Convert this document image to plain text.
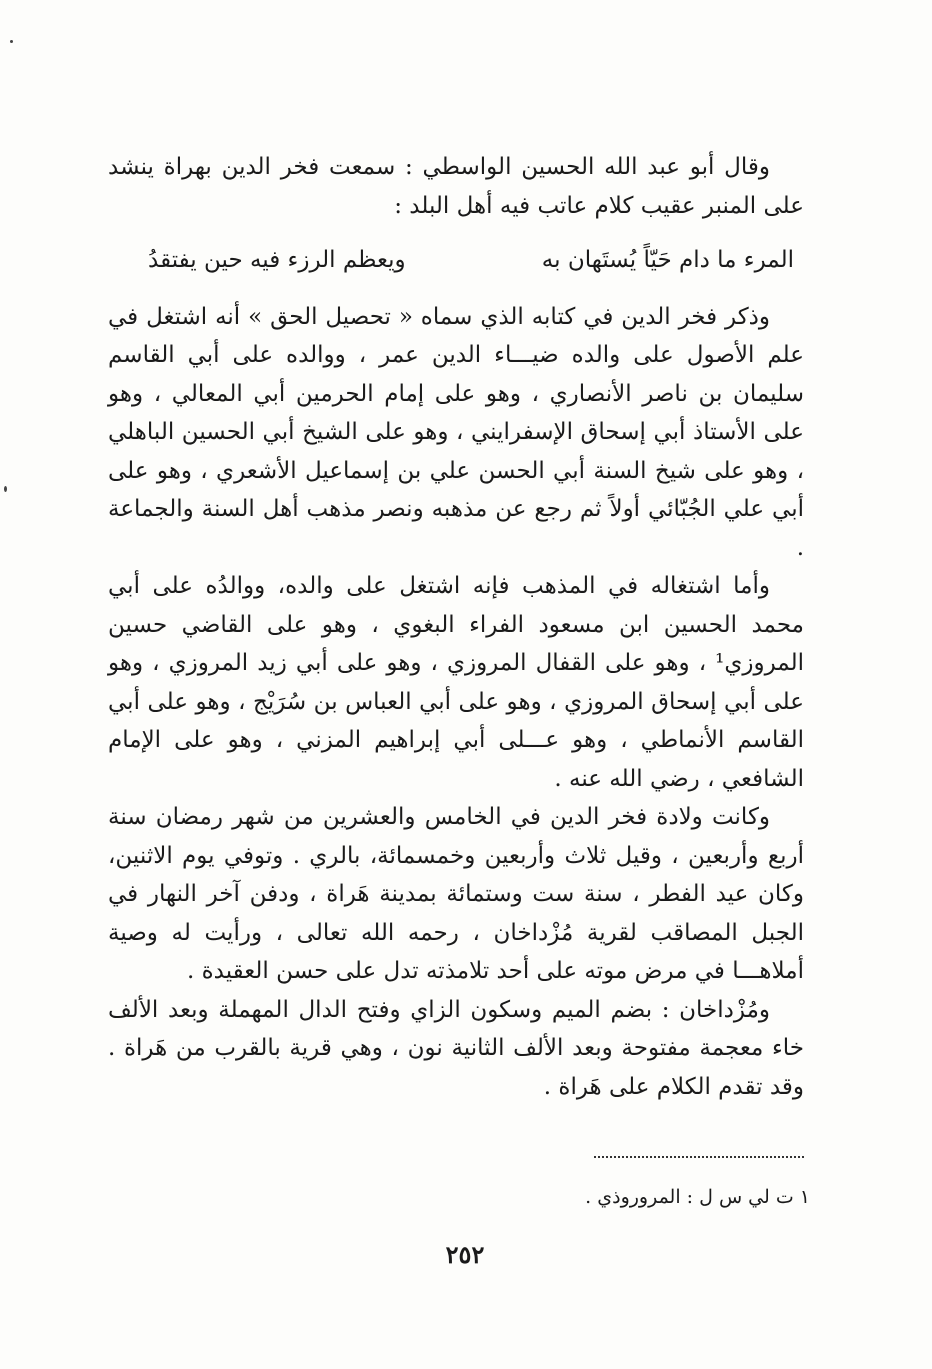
وقال أبو عبد الله الحسين الواسطي : سمعت فخر الدين بهراة ينشد على المنبر عقيب كلام عاتب فيه أهل البلد :

المرء ما دام حَيّاً يُستَهان به
ويعظم الرزء فيه حين يفتقدُ

وذكر فخر الدين في كتابه الذي سماه « تحصيل الحق » أنه اشتغل في علم الأصول على والده ضيـــاء الدين عمر ، ووالده على أبي القاسم سليمان بن ناصر الأنصاري ، وهو على إمام الحرمين أبي المعالي ، وهو على الأستاذ أبي إسحاق الإسفرايني ، وهو على الشيخ أبي الحسين الباهلي ، وهو على شيخ السنة أبي الحسن علي بن إسماعيل الأشعري ، وهو على أبي علي الجُبّائي أولاً ثم رجع عن مذهبه ونصر مذهب أهل السنة والجماعة .

وأما اشتغاله في المذهب فإنه اشتغل على والده، ووالدُه على أبي محمد الحسين ابن مسعود الفراء البغوي ، وهو على القاضي حسين المروزي¹ ، وهو على القفال المروزي ، وهو على أبي زيد المروزي ، وهو على أبي إسحاق المروزي ، وهو على أبي العباس بن سُرَيْج ، وهو على أبي القاسم الأنماطي ، وهو عـــلى أبي إبراهيم المزني ، وهو على الإمام الشافعي ، رضي الله عنه .

وكانت ولادة فخر الدين في الخامس والعشرين من شهر رمضان سنة أربع وأربعين ، وقيل ثلاث وأربعين وخمسمائة، بالري . وتوفي يوم الاثنين، وكان عيد الفطر ، سنة ست وستمائة بمدينة هَراة ، ودفن آخر النهار في الجبل المصاقب لقرية مُزْداخان ، رحمه الله تعالى ، ورأيت له وصية أملاهـــا في مرض موته على أحد تلامذته تدل على حسن العقيدة .

ومُزْداخان : بضم الميم وسكون الزاي وفتح الدال المهملة وبعد الألف خاء معجمة مفتوحة وبعد الألف الثانية نون ، وهي قرية بالقرب من هَراة . وقد تقدم الكلام على هَراة .

١ ت لي س ل : المروروذي .
٢٥٢
